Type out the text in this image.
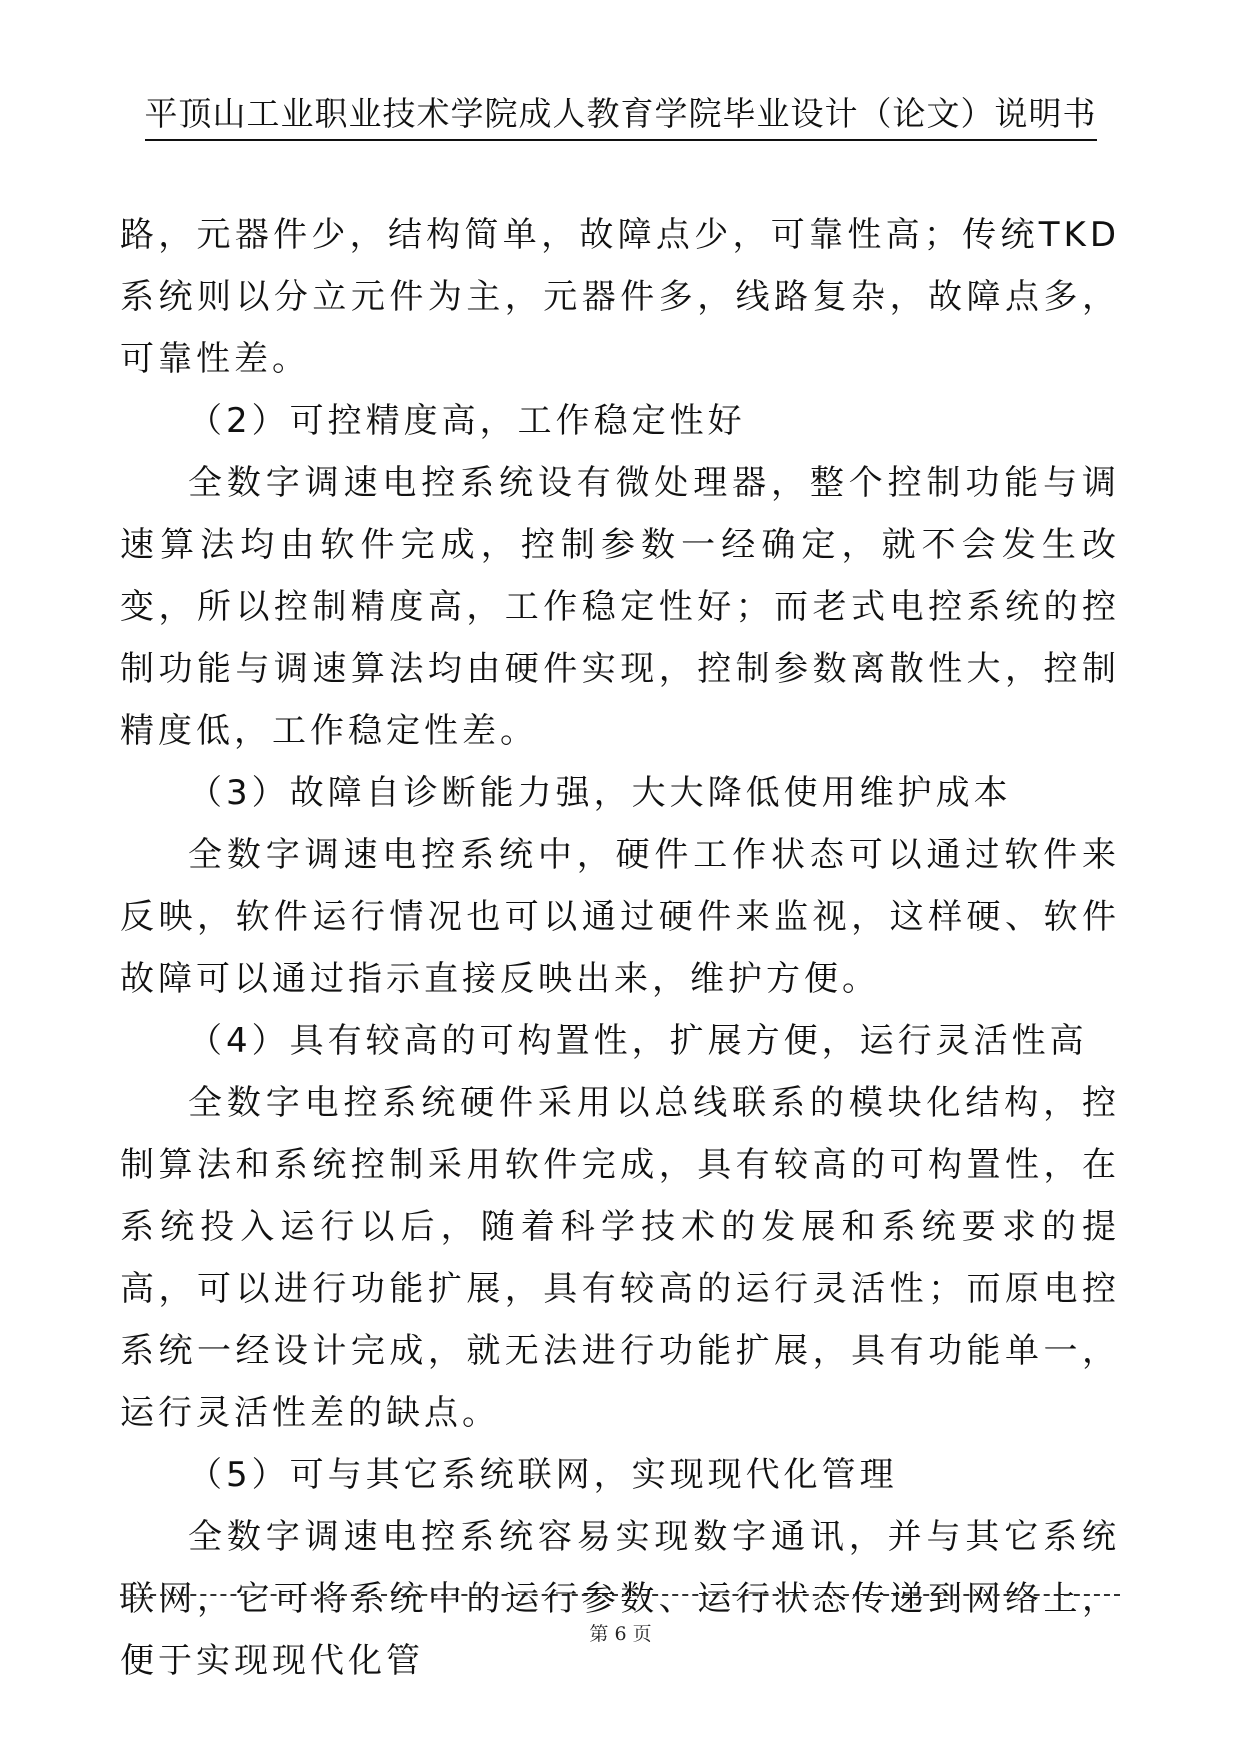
平顶山工业职业技术学院成人教育学院毕业设计（论文）说明书

路，元器件少，结构简单，故障点少，可靠性高；传统TKD系统则以分立元件为主，元器件多，线路复杂，故障点多，可靠性差。

（2）可控精度高，工作稳定性好

全数字调速电控系统设有微处理器，整个控制功能与调速算法均由软件完成，控制参数一经确定，就不会发生改变，所以控制精度高，工作稳定性好；而老式电控系统的控制功能与调速算法均由硬件实现，控制参数离散性大，控制精度低，工作稳定性差。

（3）故障自诊断能力强，大大降低使用维护成本

全数字调速电控系统中，硬件工作状态可以通过软件来反映，软件运行情况也可以通过硬件来监视，这样硬、软件故障可以通过指示直接反映出来，维护方便。

（4）具有较高的可构置性，扩展方便，运行灵活性高

全数字电控系统硬件采用以总线联系的模块化结构，控制算法和系统控制采用软件完成，具有较高的可构置性，在系统投入运行以后，随着科学技术的发展和系统要求的提高，可以进行功能扩展，具有较高的运行灵活性；而原电控系统一经设计完成，就无法进行功能扩展，具有功能单一，运行灵活性差的缺点。

（5）可与其它系统联网，实现现代化管理

全数字调速电控系统容易实现数字通讯，并与其它系统联网，它可将系统中的运行参数、运行状态传递到网络上，便于实现现代化管

第 6 页
